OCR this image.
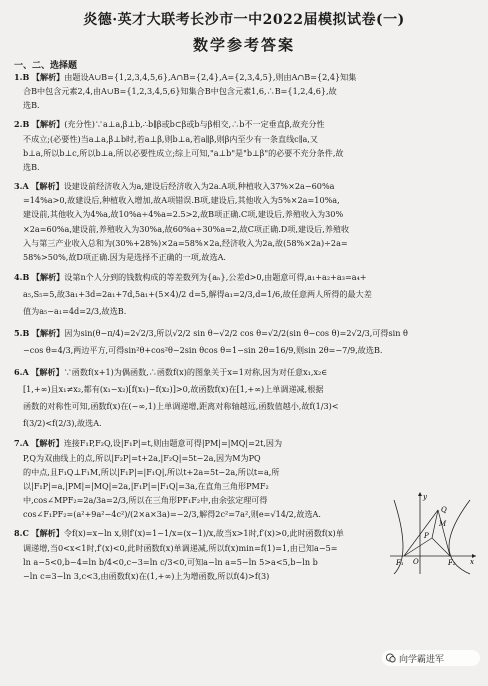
炎德·英才大联考长沙市一中2022届模拟试卷(一)
数学参考答案
一、二、选择题
1.B 【解析】由题设A∪B={1,2,3,4,5,6},A∩B={2,4},A={2,3,4,5},则由A∩B={2,4}知集
合B中包含元素2,4,由A∪B={1,2,3,4,5,6}知集合B中包含元素1,6,∴B={1,2,4,6},故
选B.
2.B 【解析】(充分性)∵a⊥a,β⊥b,∴b∥β或b⊂β或b与β相交,∴b不一定垂直β,故充分性
不成立;(必要性)当a⊥a,β⊥b时,若a⊥β,则b⊥a,若a∥β,则β内至少有一条直线c∥a,又
b⊥a,所以b⊥c,所以b⊥a,所以必要性成立;综上可知,"a⊥b"是"b⊥β"的必要不充分条件,故
选B.
3.A 【解析】设建设前经济收入为a,建设后经济收入为2a.A项,种植收入37%×2a−60%a
=14%a>0,故建设后,种植收入增加,故A项错误.B项,建设后,其他收入为5%×2a=10%a,
建设前,其他收入为4%a,故10%a÷4%a=2.5>2,故B项正确.C项,建设后,养殖收入为30%
×2a=60%a,建设前,养殖收入为30%a,故60%a÷30%a=2,故C项正确.D项,建设后,养殖收
入与第三产业收入总和为(30%+28%)×2a=58%×2a,经济收入为2a,故(58%×2a)÷2a=
58%>50%,故D项正确.因为是选择不正确的一项,故选A.
4.B 【解析】设第n个人分到的钱数构成的等差数列为{aₙ},公差d>0,由题意可得,a₁+a₂+a₃=a₄+
a₅,S₅=5,故3a₁+3d=2a₁+7d,5a₁+(5×4)/2 d=5,解得a₁=2/3,d=1/6,故任意两人所得的最大差
值为a₅−a₁=4d=2/3,故选B.
5.B 【解析】因为sin(θ−π/4)=2√2/3,所以√2/2 sin θ−√2/2 cos θ=√2/2(sin θ−cos θ)=2√2/3,可得sin θ
−cos θ=4/3,两边平方,可得sin²θ+cos²θ−2sin θcos θ=1−sin 2θ=16/9,则sin 2θ=−7/9,故选B.
6.A 【解析】∵函数f(x+1)为偶函数,∴函数f(x)的图象关于x=1对称,因为对任意x₁,x₂∈
[1,+∞)且x₁≠x₂,都有(x₁−x₂)[f(x₁)−f(x₂)]>0,故函数f(x)在[1,+∞)上单调递减,根据
函数的对称性可知,函数f(x)在(−∞,1)上单调递增,距离对称轴越远,函数值越小,故f(1/3)<
f(3/2)<f(2/3),故选A.
7.A 【解析】连接F₁P,F₂Q,设|F₁P|=t,则由题意可得|PM|=|MQ|=2t,因为
P,Q为双曲线上的点,所以|F₂P|=t+2a,|F₂Q|=5t−2a,因为M为PQ
的中点,且F₁Q⊥F₁M,所以|F₁P|=|F₁Q|,所以t+2a=5t−2a,所以t=a,所
以|F₁P|=a,|PM|=|MQ|=2a,|F₁P|=|F₁Q|=3a,在直角三角形PMF₂
中,cos∠MPF₂=2a/3a=2/3,所以在三角形PF₁F₂中,由余弦定理可得
cos∠F₁PF₂=(a²+9a²−4c²)/(2×a×3a)=−2/3,解得2c²=7a²,则e=√14/2,故选A.
8.C 【解析】令f(x)=x−ln x,则f′(x)=1−1/x=(x−1)/x,故当x>1时,f′(x)>0,此时函数f(x)单
调递增,当0<x<1时,f′(x)<0,此时函数f(x)单调递减,所以f(x)min=f(1)=1,由已知a−5=
ln a−5<0,b−4=ln b/4<0,c−3=ln c/3<0,可知a−ln a=5−ln 5>a<5,b−ln b
−ln c=3−ln 3,c<3,由函数f(x)在(1,+∞)上为增函数,所以f(4)>f(3)
y
x
O
P
Q
M
F₁	F₂
向学霸进军
